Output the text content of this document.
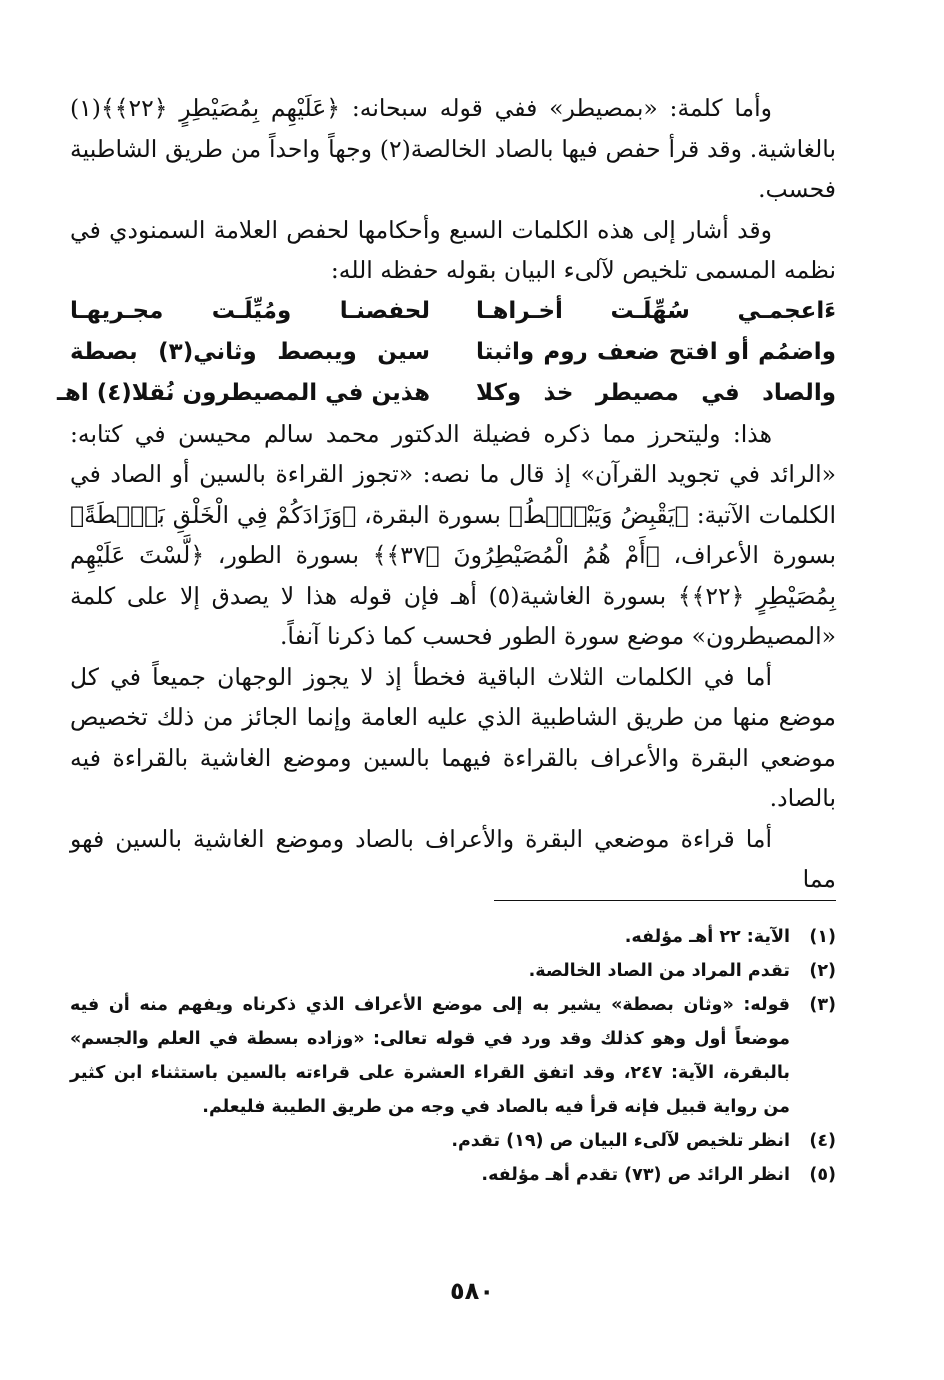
وأما كلمة: «بمصيطر» ففي قوله سبحانه: ﴿عَلَيْهِم بِمُصَيْطِرٍ ﴿٢٢﴾﴾(١) بالغاشية. وقد قرأ حفص فيها بالصاد الخالصة(٢) وجهاً واحداً من طريق الشاطبية فحسب.

وقد أشار إلى هذه الكلمات السبع وأحكامها لحفص العلامة السمنودي في نظمه المسمى تلخيص لآلىء البيان بقوله حفظه الله:

ءَاعجمـي سُهِّلَـت أخـراهـا
لحفصنـا ومُيِّلَـت مجـريهـا
واضمُم أو افتح ضعف روم واثبتا
سين ويبصط وثاني(٣) بصطة
والصاد في مصيطر خذ وكلا
هذين في المصيطرون نُقلا(٤) اهـ

هذا: وليتحرز مما ذكره فضيلة الدكتور محمد سالم محيسن في كتابه: «الرائد في تجويد القرآن» إذ قال ما نصه: «تجوز القراءة بالسين أو الصاد في الكلمات الآتية: ﴿يَقْبِضُ وَيَبْصُۜطُ﴾ بسورة البقرة، ﴿وَزَادَكُمْ فِي الْخَلْقِ بَصْۜطَةً﴾ بسورة الأعراف، ﴿أَمْ هُمُ الْمُصَيْطِرُونَ ﴿٣٧﴾﴾ بسورة الطور، ﴿لَّسْتَ عَلَيْهِم بِمُصَيْطِرٍ ﴿٢٢﴾﴾ بسورة الغاشية(٥) أهـ فإن قوله هذا لا يصدق إلا على كلمة «المصيطرون» موضع سورة الطور فحسب كما ذكرنا آنفاً.

أما في الكلمات الثلاث الباقية فخطأ إذ لا يجوز الوجهان جميعاً في كل موضع منها من طريق الشاطبية الذي عليه العامة وإنما الجائز من ذلك تخصيص موضعي البقرة والأعراف بالقراءة فيهما بالسين وموضع الغاشية بالقراءة فيه بالصاد.

أما قراءة موضعي البقرة والأعراف بالصاد وموضع الغاشية بالسين فهو مما

(١)
الآية: ٢٢ أهـ مؤلفه.
(٢)
تقدم المراد من الصاد الخالصة.
(٣)
قوله: «وثان بصطة» يشير به إلى موضع الأعراف الذي ذكرناه ويفهم منه أن فيه موضعاً أول وهو كذلك وقد ورد في قوله تعالى: «وزاده بسطة في العلم والجسم» بالبقرة، الآية: ٢٤٧، وقد اتفق القراء العشرة على قراءته بالسين باستثناء ابن كثير من رواية قبيل فإنه قرأ فيه بالصاد في وجه من طريق الطيبة فليعلم.
(٤)
انظر تلخيص لآلىء البيان ص (١٩) تقدم.
(٥)
انظر الرائد ص (٧٣) تقدم أهـ مؤلفه.
٥٨٠
